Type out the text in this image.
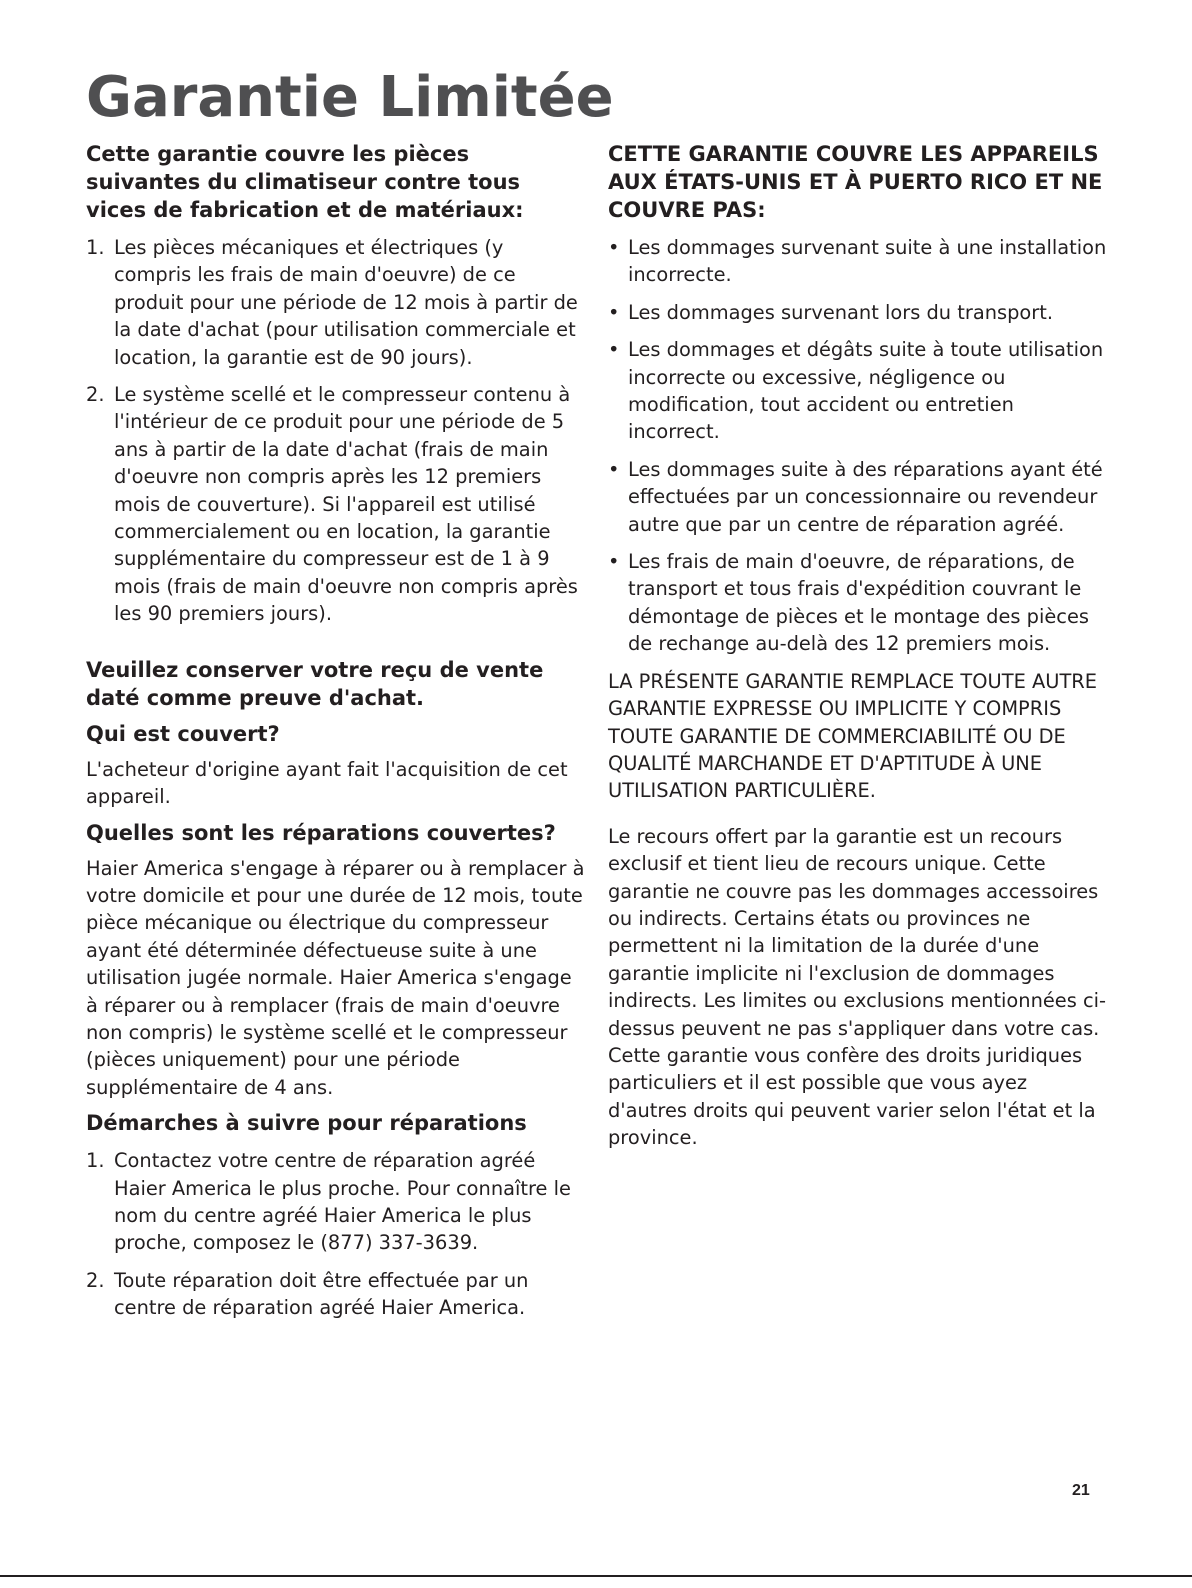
Garantie Limitée
Cette garantie couvre les pièces suivantes du climatiseur contre tous vices de fabrication et de matériaux:
1. Les pièces mécaniques et électriques (y compris les frais de main d'oeuvre) de ce produit pour une période de 12 mois à partir de la date d'achat (pour utilisation commerciale et location, la garantie est de 90 jours).
2. Le système scellé et le compresseur contenu à l'intérieur de ce produit pour une période de 5 ans à partir de la date d'achat (frais de main d'oeuvre non compris après les 12 premiers mois de couverture). Si l'appareil est utilisé commercialement ou en location, la garantie supplémentaire du compresseur est de 1 à 9 mois (frais de main d'oeuvre non compris après les 90 premiers jours).
Veuillez conserver votre reçu de vente daté comme preuve d'achat.
Qui est couvert?

L'acheteur d'origine ayant fait l'acquisition de cet appareil.

Quelles sont les réparations couvertes?

Haier America s'engage à réparer ou à remplacer à votre domicile et pour une durée de 12 mois, toute pièce mécanique ou électrique du compresseur ayant été déterminée défectueuse suite à une utilisation jugée normale. Haier America s'engage à réparer ou à remplacer (frais de main d'oeuvre non compris) le système scellé et le compresseur (pièces uniquement) pour une période supplémentaire de 4 ans.

Démarches à suivre pour réparations
1. Contactez votre centre de réparation agréé Haier America le plus proche. Pour connaître le nom du centre agréé Haier America le plus proche, composez le (877) 337-3639.
2. Toute réparation doit être effectuée par un centre de réparation agréé Haier America.
CETTE GARANTIE COUVRE LES APPAREILS AUX ÉTATS-UNIS ET À PUERTO RICO ET NE COUVRE PAS:
• Les dommages survenant suite à une installation incorrecte.
• Les dommages survenant lors du transport.
• Les dommages et dégâts suite à toute utilisation incorrecte ou excessive, négligence ou modification, tout accident ou entretien incorrect.
• Les dommages suite à des réparations ayant été effectuées par un concessionnaire ou revendeur autre que par un centre de réparation agréé.
• Les frais de main d'oeuvre, de réparations, de transport et tous frais d'expédition couvrant le démontage de pièces et le montage des pièces de rechange au-delà des 12 premiers mois.

LA PRÉSENTE GARANTIE REMPLACE TOUTE AUTRE GARANTIE EXPRESSE OU IMPLICITE Y COMPRIS TOUTE GARANTIE DE COMMERCIABILITÉ OU DE QUALITÉ MARCHANDE ET D'APTITUDE À UNE UTILISATION PARTICULIÈRE.

Le recours offert par la garantie est un recours exclusif et tient lieu de recours unique. Cette garantie ne couvre pas les dommages accessoires ou indirects. Certains états ou provinces ne permettent ni la limitation de la durée d'une garantie implicite ni l'exclusion de dommages indirects. Les limites ou exclusions mentionnées ci-dessus peuvent ne pas s'appliquer dans votre cas. Cette garantie vous confère des droits juridiques particuliers et il est possible que vous ayez d'autres droits qui peuvent varier selon l'état et la province.

21
